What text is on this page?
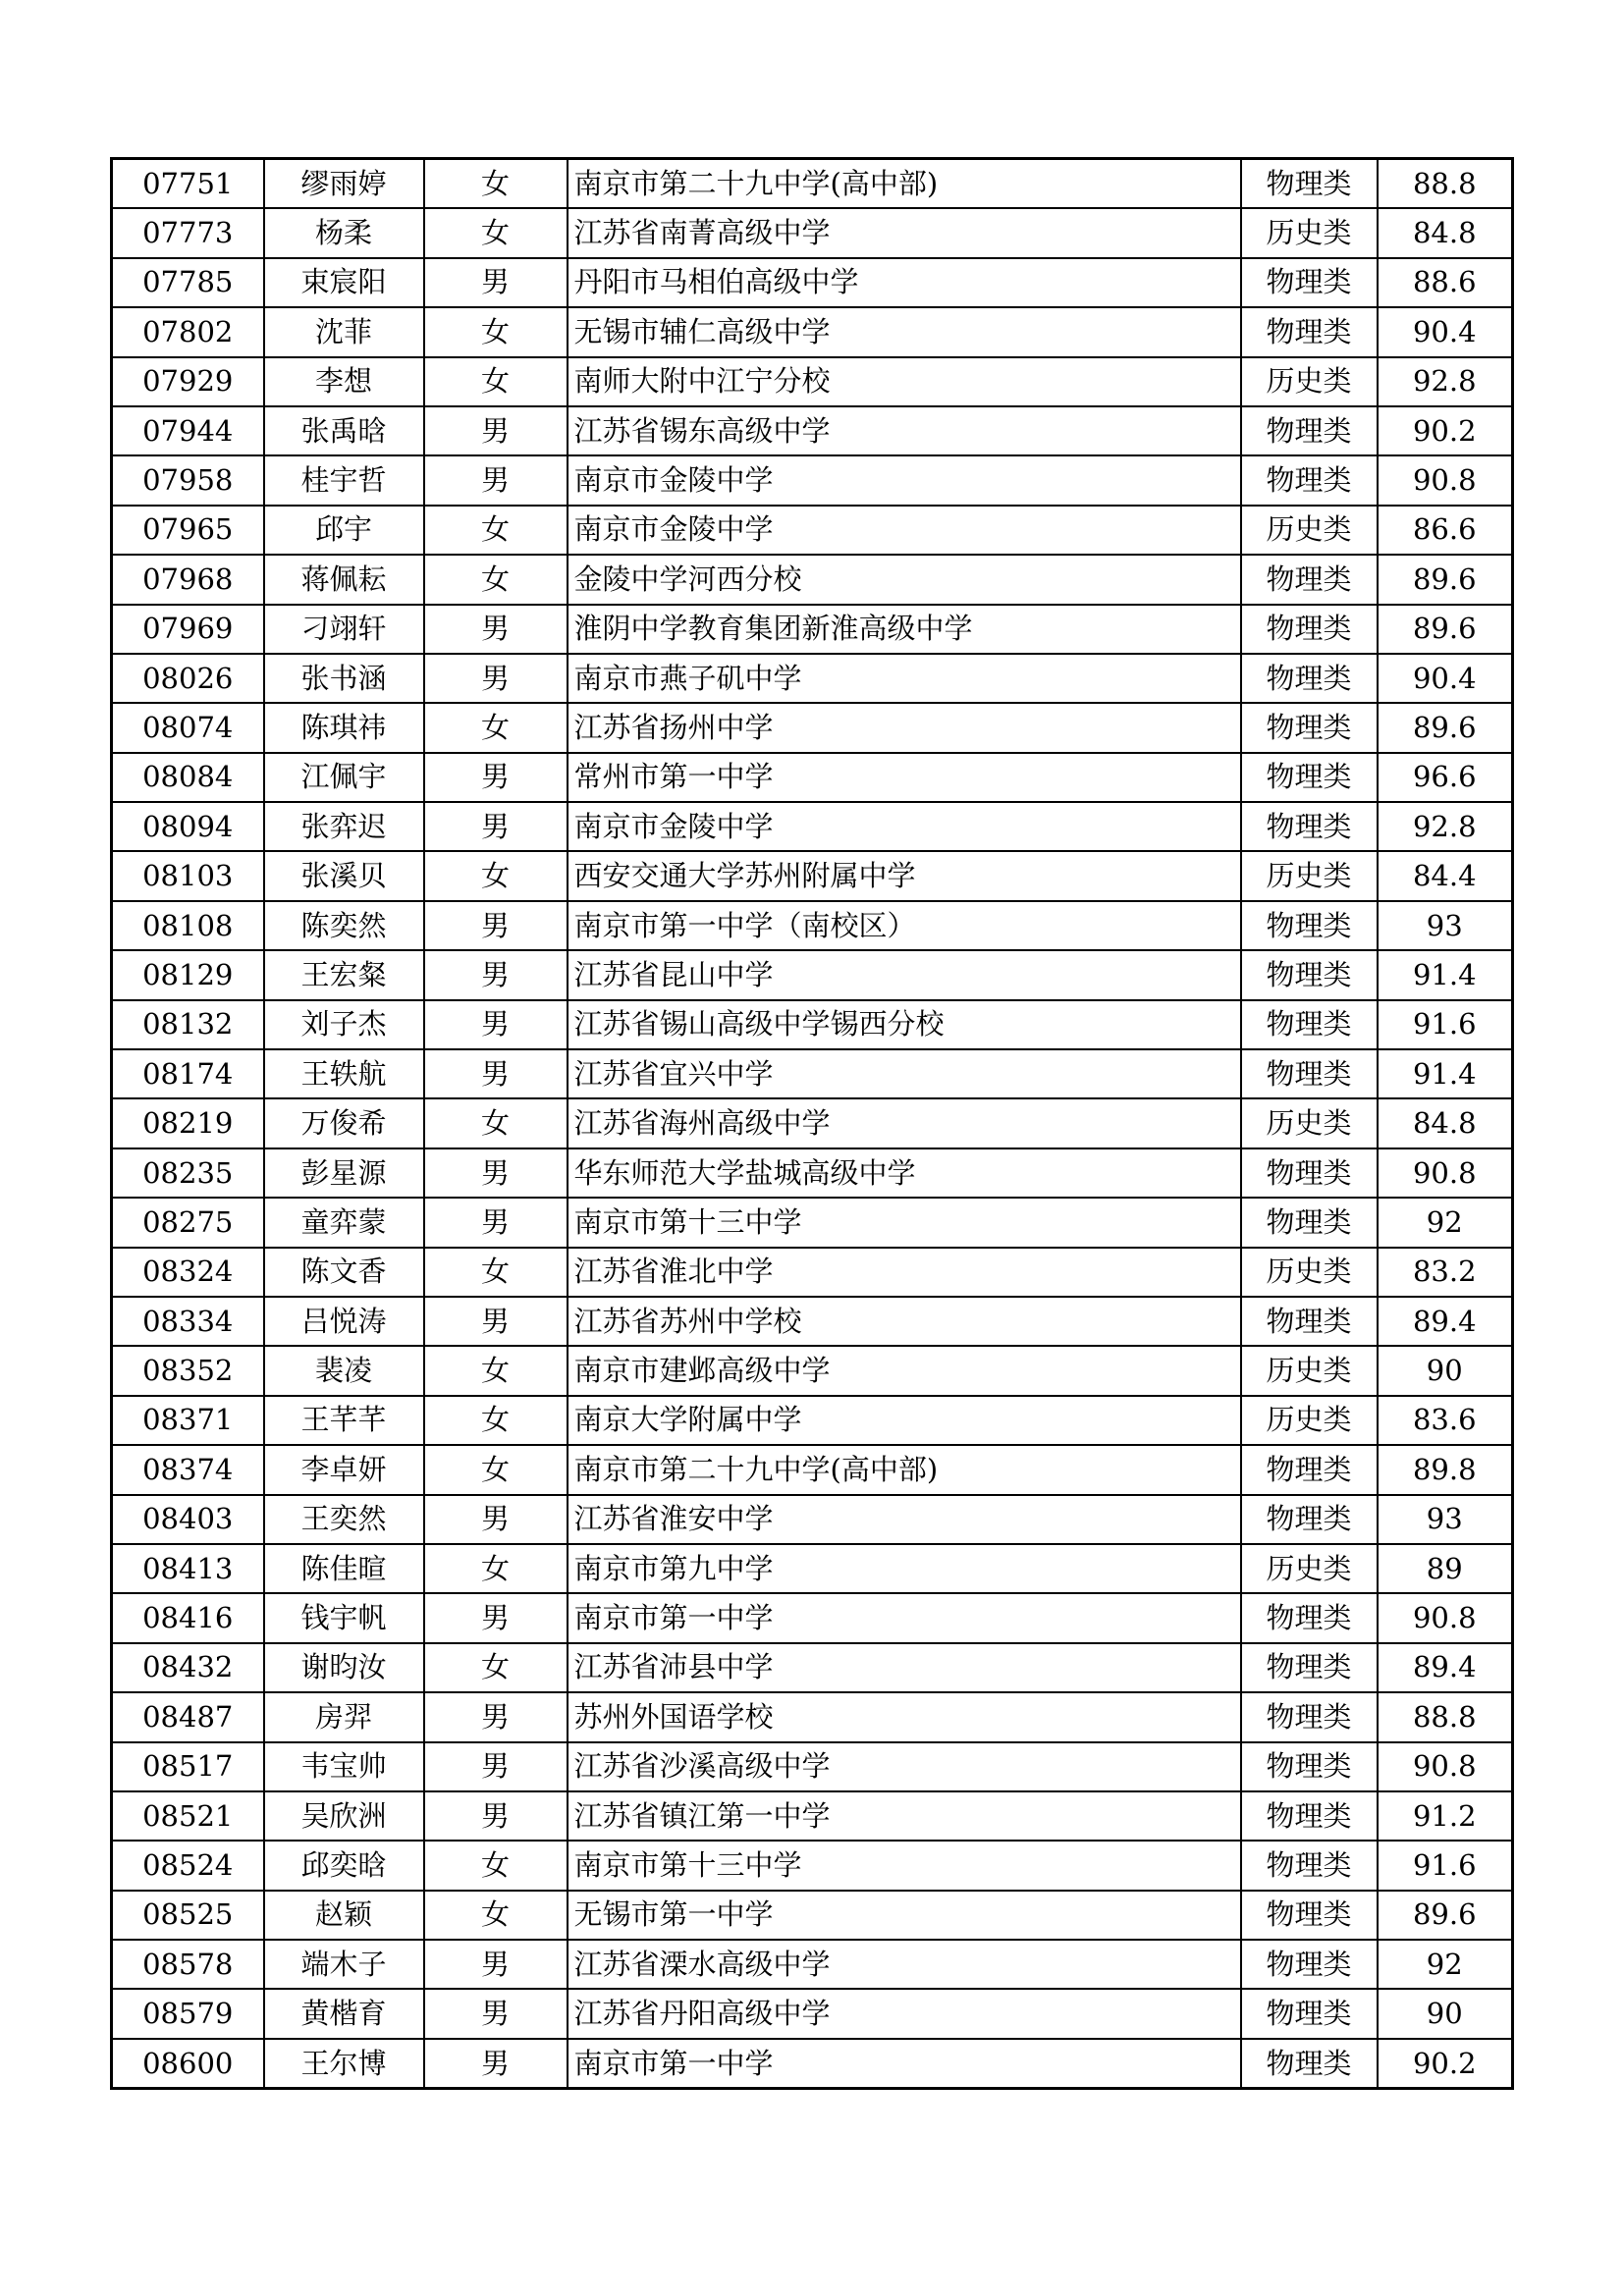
07751	缪雨婷	女	南京市第二十九中学(高中部)	物理类	88.8
07773	杨柔	女	江苏省南菁高级中学	历史类	84.8
07785	束宸阳	男	丹阳市马相伯高级中学	物理类	88.6
07802	沈菲	女	无锡市辅仁高级中学	物理类	90.4
07929	李想	女	南师大附中江宁分校	历史类	92.8
07944	张禹晗	男	江苏省锡东高级中学	物理类	90.2
07958	桂宇哲	男	南京市金陵中学	物理类	90.8
07965	邱宇	女	南京市金陵中学	历史类	86.6
07968	蒋佩耘	女	金陵中学河西分校	物理类	89.6
07969	刁翊轩	男	淮阴中学教育集团新淮高级中学	物理类	89.6
08026	张书涵	男	南京市燕子矶中学	物理类	90.4
08074	陈琪祎	女	江苏省扬州中学	物理类	89.6
08084	江佩宇	男	常州市第一中学	物理类	96.6
08094	张弈迟	男	南京市金陵中学	物理类	92.8
08103	张溪贝	女	西安交通大学苏州附属中学	历史类	84.4
08108	陈奕然	男	南京市第一中学（南校区）	物理类	93
08129	王宏粲	男	江苏省昆山中学	物理类	91.4
08132	刘子杰	男	江苏省锡山高级中学锡西分校	物理类	91.6
08174	王轶航	男	江苏省宜兴中学	物理类	91.4
08219	万俊希	女	江苏省海州高级中学	历史类	84.8
08235	彭星源	男	华东师范大学盐城高级中学	物理类	90.8
08275	童弈蒙	男	南京市第十三中学	物理类	92
08324	陈文香	女	江苏省淮北中学	历史类	83.2
08334	吕悦涛	男	江苏省苏州中学校	物理类	89.4
08352	裴凌	女	南京市建邺高级中学	历史类	90
08371	王芊芊	女	南京大学附属中学	历史类	83.6
08374	李卓妍	女	南京市第二十九中学(高中部)	物理类	89.8
08403	王奕然	男	江苏省淮安中学	物理类	93
08413	陈佳暄	女	南京市第九中学	历史类	89
08416	钱宇帆	男	南京市第一中学	物理类	90.8
08432	谢昀汝	女	江苏省沛县中学	物理类	89.4
08487	房羿	男	苏州外国语学校	物理类	88.8
08517	韦宝帅	男	江苏省沙溪高级中学	物理类	90.8
08521	吴欣洲	男	江苏省镇江第一中学	物理类	91.2
08524	邱奕晗	女	南京市第十三中学	物理类	91.6
08525	赵颖	女	无锡市第一中学	物理类	89.6
08578	端木子	男	江苏省溧水高级中学	物理类	92
08579	黄楷育	男	江苏省丹阳高级中学	物理类	90
08600	王尔博	男	南京市第一中学	物理类	90.2
